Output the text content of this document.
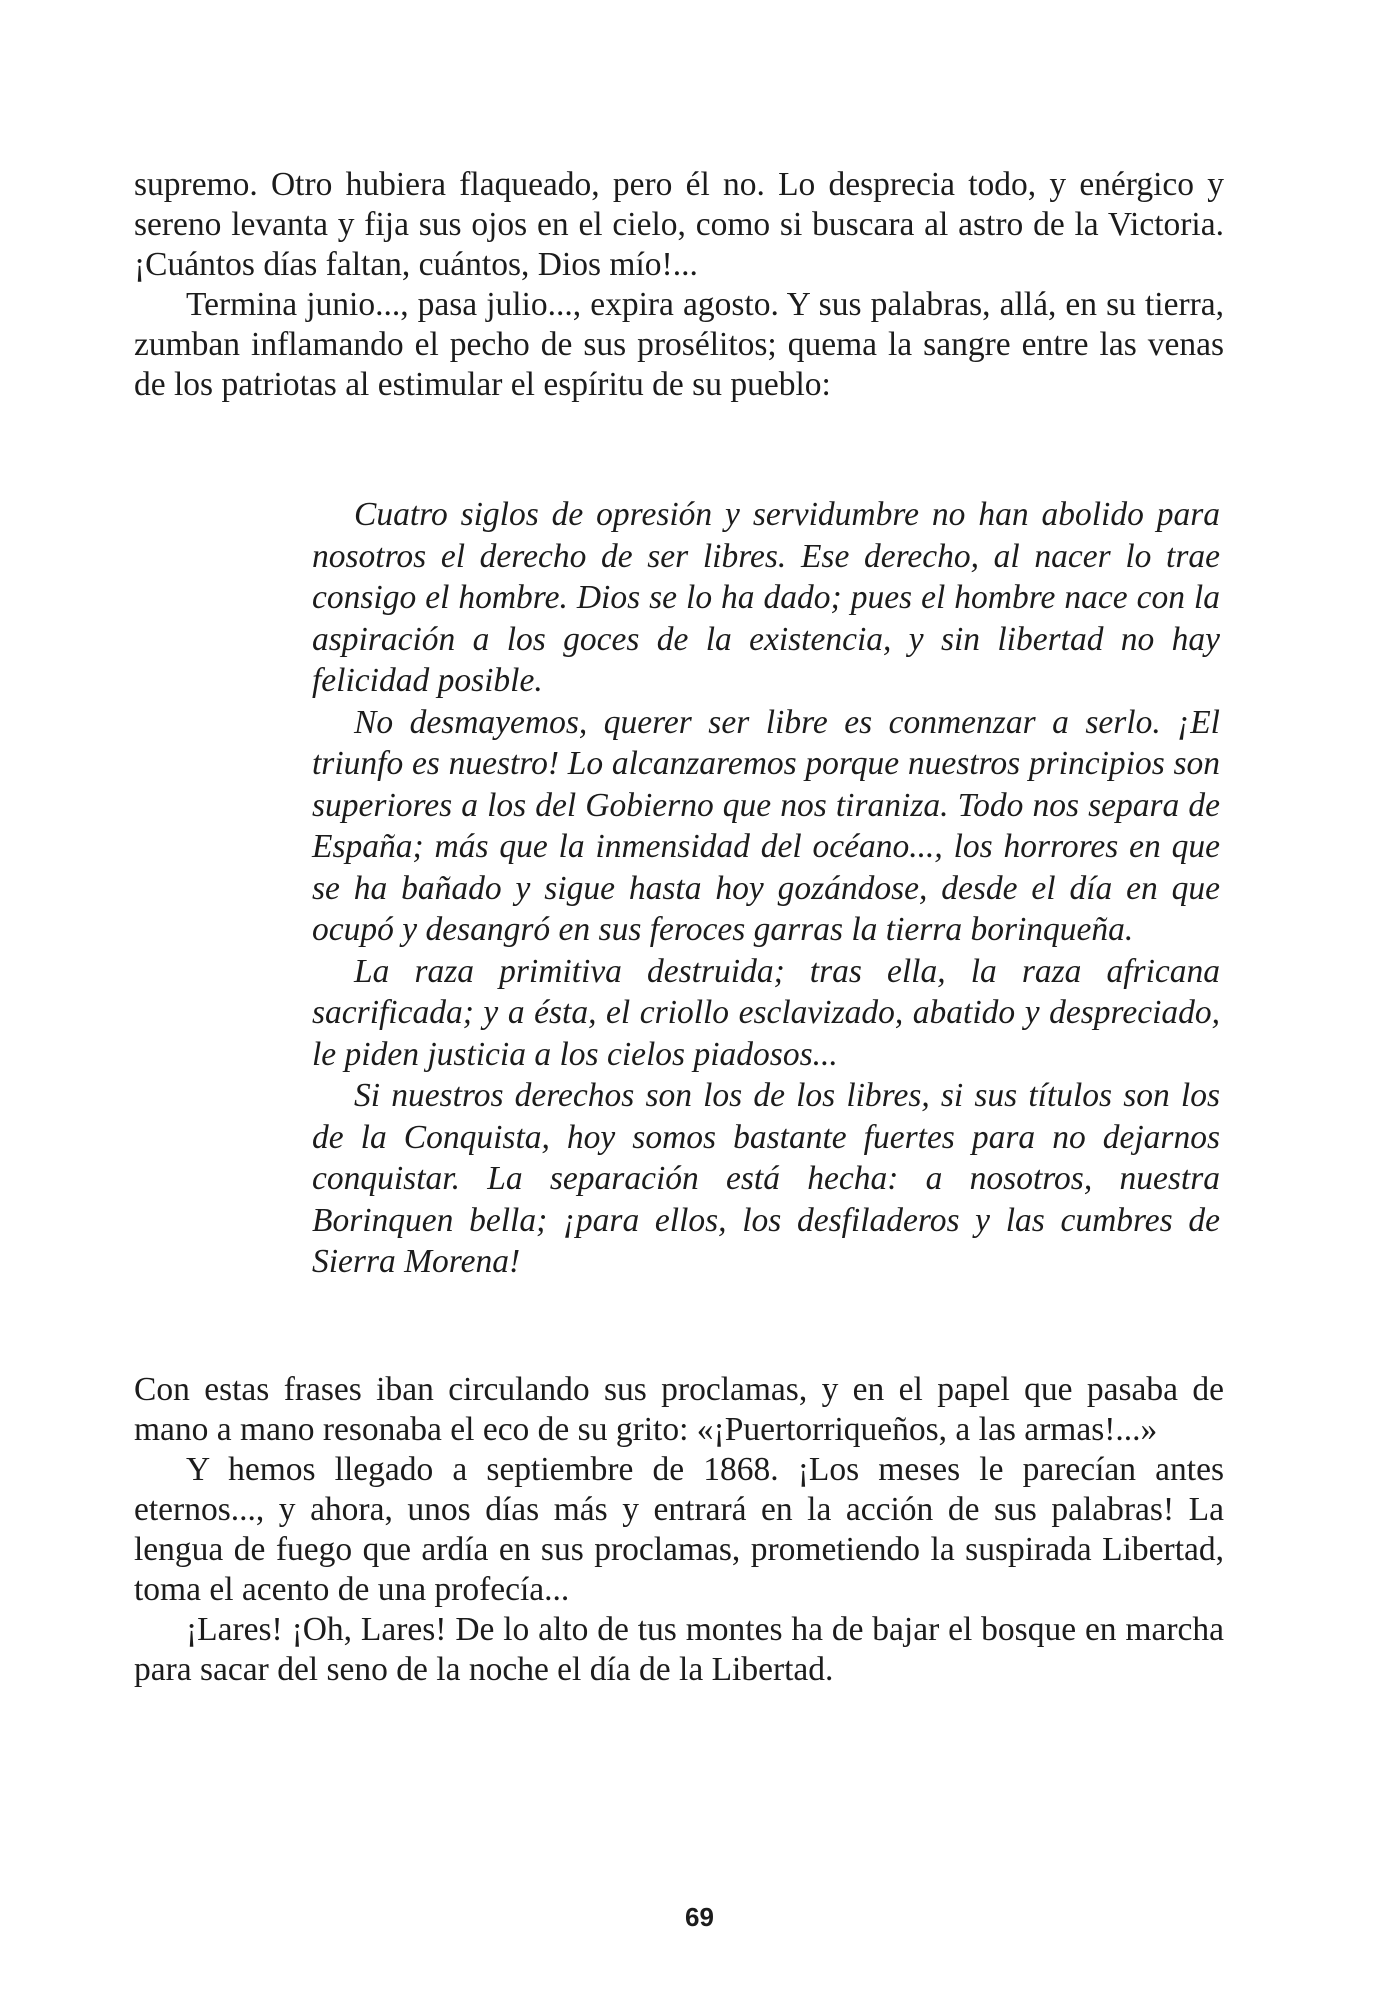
supremo. Otro hubiera flaqueado, pero él no. Lo desprecia todo, y enérgico y sereno levanta y fija sus ojos en el cielo, como si buscara al astro de la Victoria. ¡Cuántos días faltan, cuántos, Dios mío!...

Termina junio..., pasa julio..., expira agosto. Y sus palabras, allá, en su tierra, zumban inflamando el pecho de sus prosélitos; quema la sangre entre las venas de los patriotas al estimular el espíritu de su pueblo:

Cuatro siglos de opresión y servidumbre no han abolido para nosotros el derecho de ser libres. Ese derecho, al nacer lo trae consigo el hombre. Dios se lo ha dado; pues el hombre nace con la aspiración a los goces de la existencia, y sin libertad no hay felicidad posible.

No desmayemos, querer ser libre es conmenzar a serlo. ¡El triunfo es nuestro! Lo alcanzaremos porque nuestros principios son superiores a los del Gobierno que nos tiraniza. Todo nos separa de España; más que la inmensidad del océano..., los horrores en que se ha bañado y sigue hasta hoy gozándose, desde el día en que ocupó y desangró en sus feroces garras la tierra borinqueña.

La raza primitiva destruida; tras ella, la raza africana sacrificada; y a ésta, el criollo esclavizado, abatido y despreciado, le piden justicia a los cielos piadosos...

Si nuestros derechos son los de los libres, si sus títulos son los de la Conquista, hoy somos bastante fuertes para no dejarnos conquistar. La separación está hecha: a nosotros, nuestra Borinquen bella; ¡para ellos, los desfiladeros y las cumbres de Sierra Morena!

Con estas frases iban circulando sus proclamas, y en el papel que pasaba de mano a mano resonaba el eco de su grito: «¡Puertorriqueños, a las armas!...»

Y hemos llegado a septiembre de 1868. ¡Los meses le parecían antes eternos..., y ahora, unos días más y entrará en la acción de sus palabras! La lengua de fuego que ardía en sus proclamas, prometiendo la suspirada Libertad, toma el acento de una profecía...

¡Lares! ¡Oh, Lares! De lo alto de tus montes ha de bajar el bosque en marcha para sacar del seno de la noche el día de la Libertad.

69
